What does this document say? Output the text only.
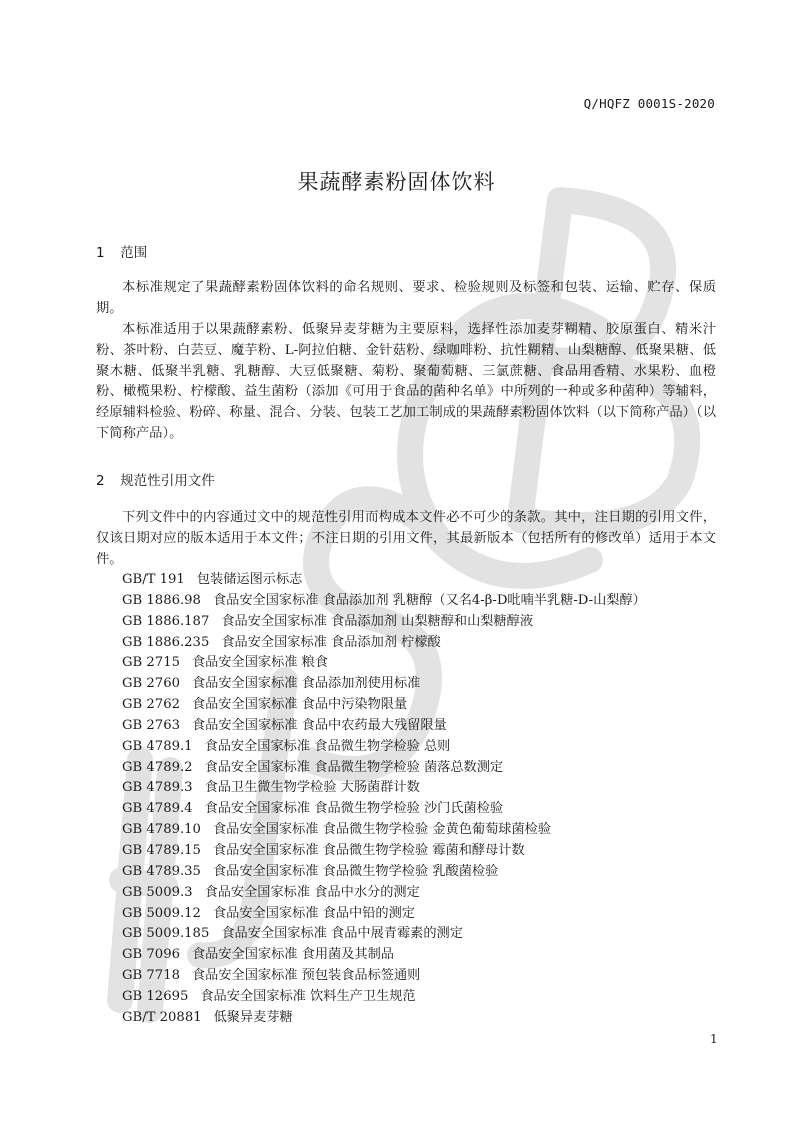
Q/HQFZ 0001S-2020
果蔬酵素粉固体饮料
1 范围
本标准规定了果蔬酵素粉固体饮料的命名规则、要求、检验规则及标签和包装、运输、贮存、保质期。
本标准适用于以果蔬酵素粉、低聚异麦芽糖为主要原料，选择性添加麦芽糊精、胶原蛋白、精米汁粉、茶叶粉、白芸豆、魔芋粉、L-阿拉伯糖、金针菇粉、绿咖啡粉、抗性糊精、山梨糖醇、低聚果糖、低聚木糖、低聚半乳糖、乳糖醇、大豆低聚糖、菊粉、聚葡萄糖、三氯蔗糖、食品用香精、水果粉、血橙粉、橄榄果粉、柠檬酸、益生菌粉（添加《可用于食品的菌种名单》中所列的一种或多种菌种）等辅料，经原辅料检验、粉碎、称量、混合、分装、包装工艺加工制成的果蔬酵素粉固体饮料（以下简称产品）（以下简称产品）。
2 规范性引用文件
下列文件中的内容通过文中的规范性引用而构成本文件必不可少的条款。其中，注日期的引用文件，仅该日期对应的版本适用于本文件；不注日期的引用文件，其最新版本（包括所有的修改单）适用于本文件。
GB/T 191 包装储运图示标志
GB 1886.98 食品安全国家标准 食品添加剂 乳糖醇（又名4-β-D吡喃半乳糖-D-山梨醇）
GB 1886.187 食品安全国家标准 食品添加剂 山梨糖醇和山梨糖醇液
GB 1886.235 食品安全国家标准 食品添加剂 柠檬酸
GB 2715 食品安全国家标准 粮食
GB 2760 食品安全国家标准 食品添加剂使用标准
GB 2762 食品安全国家标准 食品中污染物限量
GB 2763 食品安全国家标准 食品中农药最大残留限量
GB 4789.1 食品安全国家标准 食品微生物学检验 总则
GB 4789.2 食品安全国家标准 食品微生物学检验 菌落总数测定
GB 4789.3 食品卫生微生物学检验 大肠菌群计数
GB 4789.4 食品安全国家标准 食品微生物学检验 沙门氏菌检验
GB 4789.10 食品安全国家标准 食品微生物学检验 金黄色葡萄球菌检验
GB 4789.15 食品安全国家标准 食品微生物学检验 霉菌和酵母计数
GB 4789.35 食品安全国家标准 食品微生物学检验 乳酸菌检验
GB 5009.3 食品安全国家标准 食品中水分的测定
GB 5009.12 食品安全国家标准 食品中铅的测定
GB 5009.185 食品安全国家标准 食品中展青霉素的测定
GB 7096 食品安全国家标准 食用菌及其制品
GB 7718 食品安全国家标准 预包装食品标签通则
GB 12695 食品安全国家标准 饮料生产卫生规范
GB/T 20881 低聚异麦芽糖
1
